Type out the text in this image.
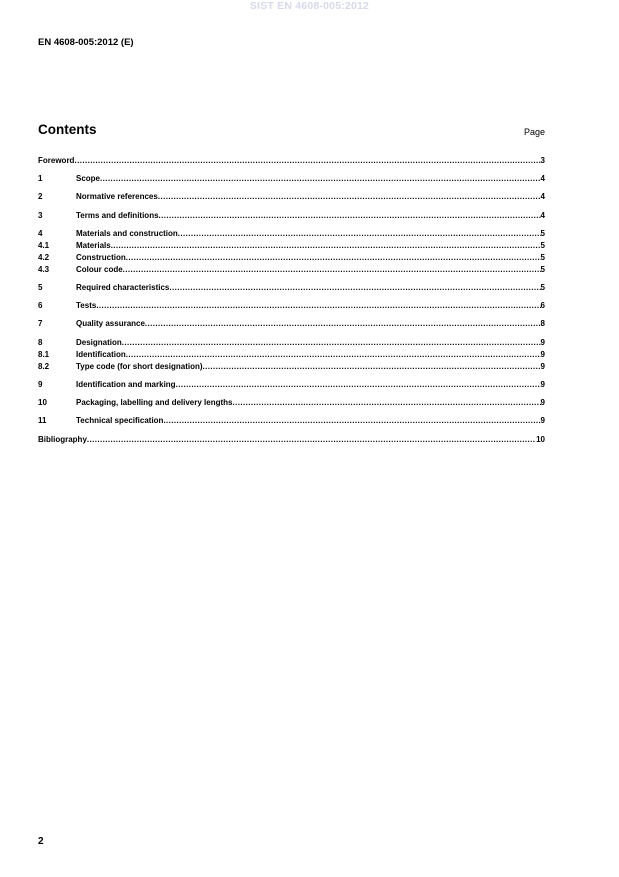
SIST EN 4608-005:2012
EN 4608-005:2012 (E)
Contents	Page
Foreword .....	3
1	Scope .....	4
2	Normative references .....	4
3	Terms and definitions .....	4
4	Materials and construction .....	5
4.1	Materials .....	5
4.2	Construction .....	5
4.3	Colour code .....	5
5	Required characteristics .....	5
6	Tests .....	6
7	Quality assurance .....	8
8	Designation .....	9
8.1	Identification .....	9
8.2	Type code (for short designation) .....	9
9	Identification and marking .....	9
10	Packaging, labelling and delivery lengths .....	9
11	Technical specification .....	9
Bibliography .....	10
2
